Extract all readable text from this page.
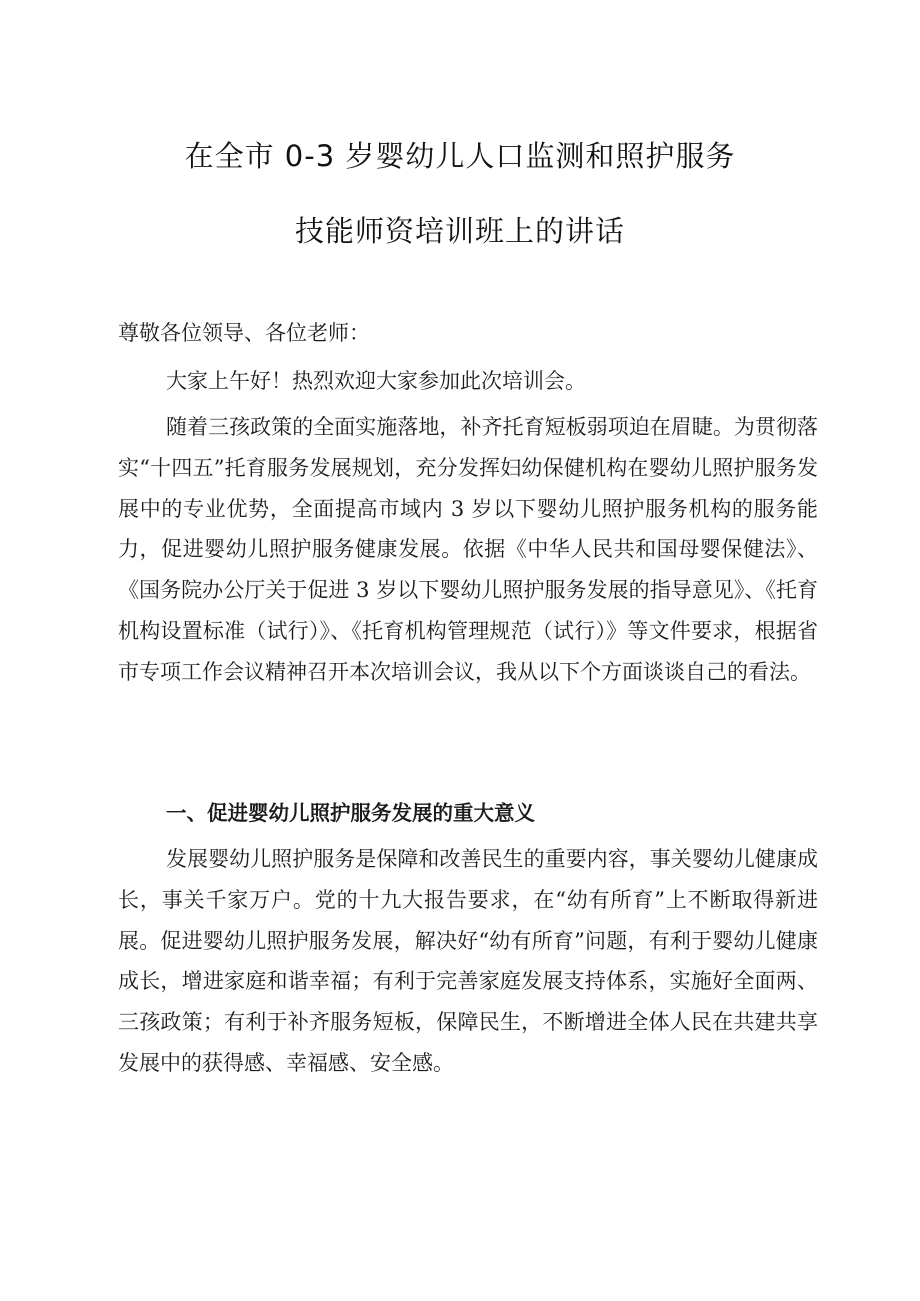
在全市 0-3 岁婴幼儿人口监测和照护服务
技能师资培训班上的讲话

尊敬各位领导、各位老师：

大家上午好！热烈欢迎大家参加此次培训会。

随着三孩政策的全面实施落地，补齐托育短板弱项迫在眉睫。为贯彻落实“十四五”托育服务发展规划，充分发挥妇幼保健机构在婴幼儿照护服务发展中的专业优势，全面提高市域内 3 岁以下婴幼儿照护服务机构的服务能力，促进婴幼儿照护服务健康发展。依据《中华人民共和国母婴保健法》、《国务院办公厅关于促进 3 岁以下婴幼儿照护服务发展的指导意见》、《托育机构设置标准（试行）》、《托育机构管理规范（试行）》等文件要求，根据省市专项工作会议精神召开本次培训会议，我从以下个方面谈谈自己的看法。

一、促进婴幼儿照护服务发展的重大意义

发展婴幼儿照护服务是保障和改善民生的重要内容，事关婴幼儿健康成长，事关千家万户。党的十九大报告要求，在“幼有所育”上不断取得新进展。促进婴幼儿照护服务发展，解决好“幼有所育”问题，有利于婴幼儿健康成长，增进家庭和谐幸福；有利于完善家庭发展支持体系，实施好全面两、三孩政策；有利于补齐服务短板，保障民生，不断增进全体人民在共建共享发展中的获得感、幸福感、安全感。
